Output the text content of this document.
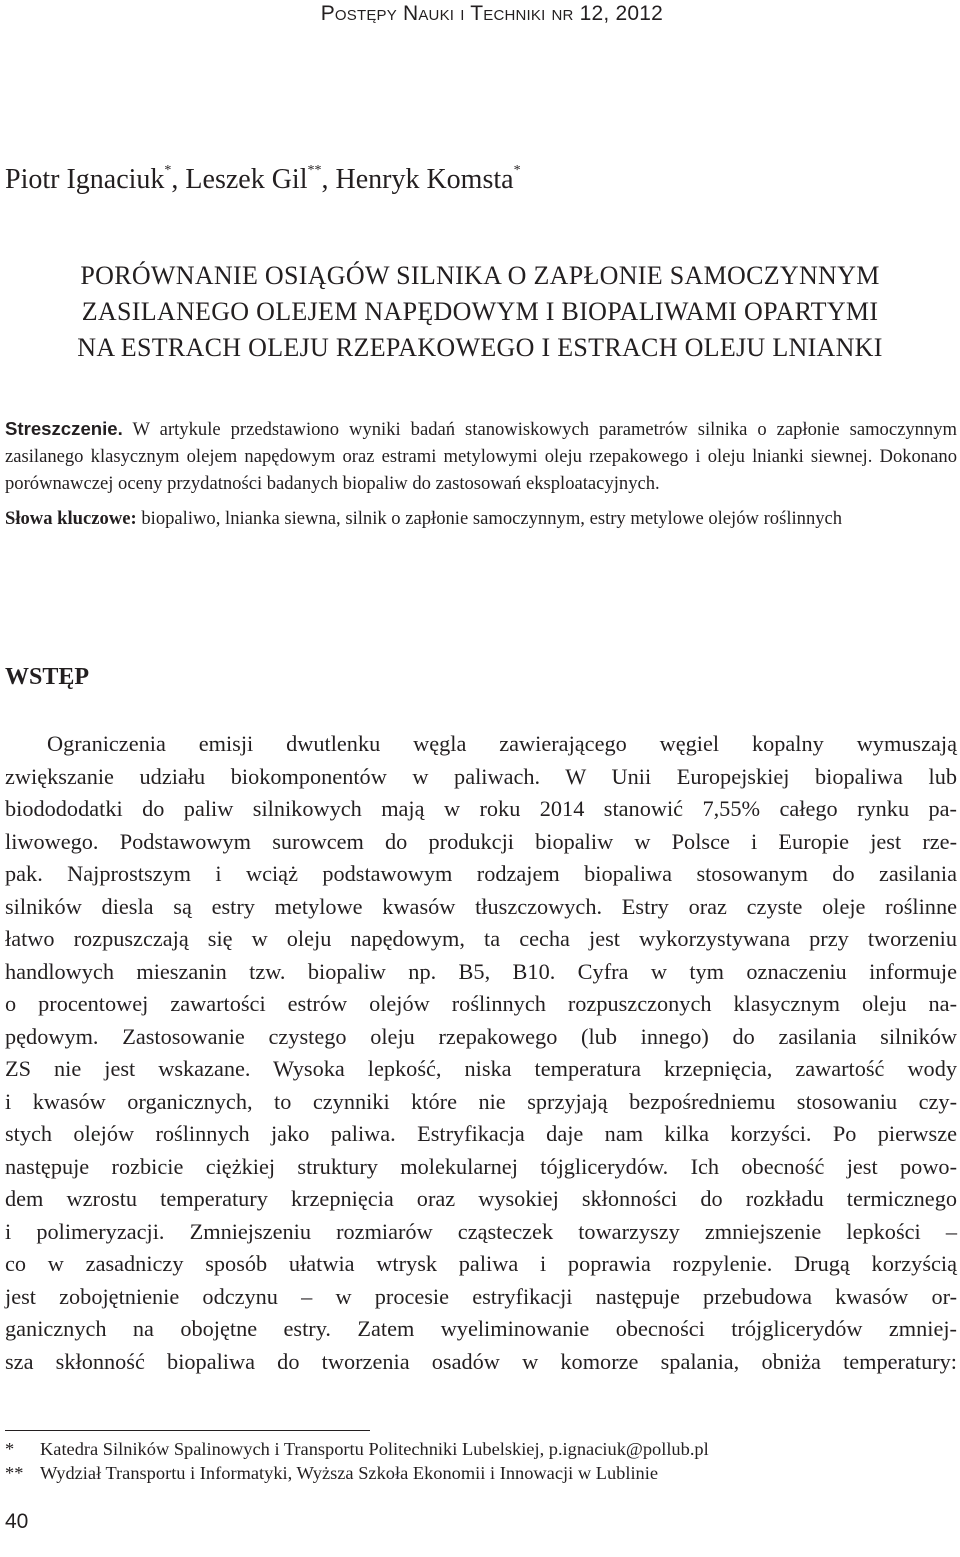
Postępy Nauki i Techniki nr 12, 2012
Piotr Ignaciuk*, Leszek Gil**, Henryk Komsta*
PORÓWNANIE OSIĄGÓW SILNIKA O ZAPŁONIE SAMOCZYNNYM
ZASILANEGO OLEJEM NAPĘDOWYM I BIOPALIWAMI OPARTYMI
NA ESTRACH OLEJU RZEPAKOWEGO I ESTRACH OLEJU LNIANKI

Streszczenie. W artykule przedstawiono wyniki badań stanowiskowych parametrów silnika o zapłonie samoczynnym zasilanego klasycznym olejem napędowym oraz estrami metylowymi oleju rzepakowego i oleju lnianki siewnej. Dokonano porównawczej oceny przydatności badanych biopaliw do zastosowań eksploatacyjnych.

Słowa kluczowe: biopaliwo, lnianka siewna, silnik o zapłonie samoczynnym, estry metylowe olejów roślinnych

WSTĘP
Ograniczenia emisji dwutlenku węgla zawierającego węgiel kopalny wymuszają
zwiększanie udziału biokomponentów w paliwach. W Unii Europejskiej biopaliwa lub
biodododatki do paliw silnikowych mają w roku 2014 stanowić 7,55% całego rynku pa-
liwowego. Podstawowym surowcem do produkcji biopaliw w Polsce i Europie jest rze-
pak. Najprostszym i wciąż podstawowym rodzajem biopaliwa stosowanym do zasilania
silników diesla są estry metylowe kwasów tłuszczowych. Estry oraz czyste oleje roślinne
łatwo rozpuszczają się w oleju napędowym, ta cecha jest wykorzystywana przy tworzeniu
handlowych mieszanin tzw. biopaliw np. B5, B10. Cyfra w tym oznaczeniu informuje
o procentowej zawartości estrów olejów roślinnych rozpuszczonych klasycznym oleju na-
pędowym. Zastosowanie czystego oleju rzepakowego (lub innego) do zasilania silników
ZS nie jest wskazane. Wysoka lepkość, niska temperatura krzepnięcia, zawartość wody
i kwasów organicznych, to czynniki które nie sprzyjają bezpośredniemu stosowaniu czy-
stych olejów roślinnych jako paliwa. Estryfikacja daje nam kilka korzyści. Po pierwsze
następuje rozbicie ciężkiej struktury molekularnej tójglicerydów. Ich obecność jest powo-
dem wzrostu temperatury krzepnięcia oraz wysokiej skłonności do rozkładu termicznego
i polimeryzacji. Zmniejszeniu rozmiarów cząsteczek towarzyszy zmniejszenie lepkości –
co w zasadniczy sposób ułatwia wtrysk paliwa i poprawia rozpylenie. Drugą korzyścią
jest zobojętnienie odczynu – w procesie estryfikacji następuje przebudowa kwasów or-
ganicznych na obojętne estry. Zatem wyeliminowanie obecności trójglicerydów zmniej-
sza skłonność biopaliwa do tworzenia osadów w komorze spalania, obniża temperatury:
* Katedra Silników Spalinowych i Transportu Politechniki Lubelskiej, p.ignaciuk@pollub.pl
** Wydział Transportu i Informatyki, Wyższa Szkoła Ekonomii i Innowacji w Lublinie
40
